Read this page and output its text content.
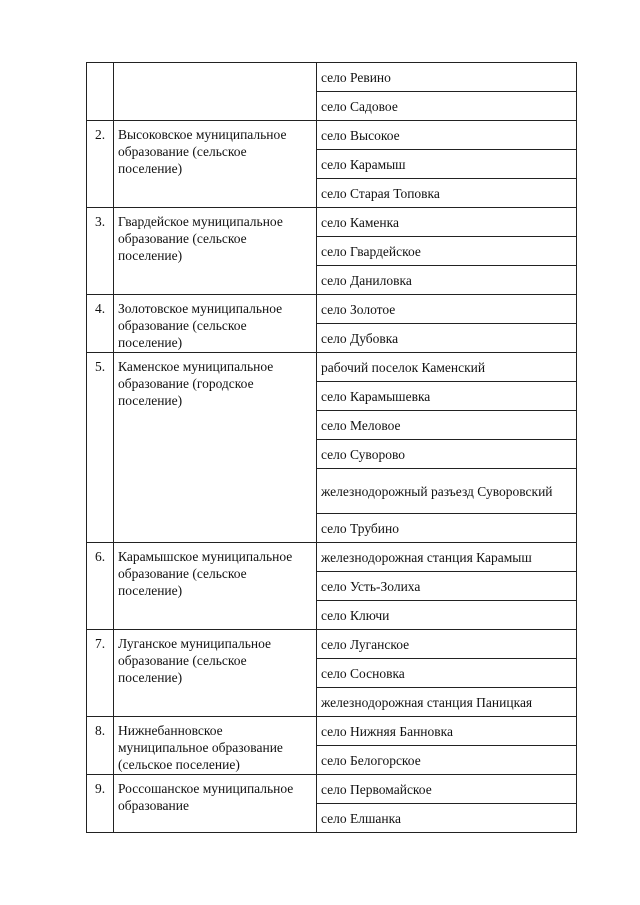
		село Ревино
		село Садовое
2.	Высоковское муниципальное образование (сельское поселение)	село Высокое
		село Карамыш
		село Старая Топовка
3.	Гвардейское муниципальное образование (сельское поселение)	село Каменка
		село Гвардейское
		село Даниловка
4.	Золотовское муниципальное образование (сельское поселение)	село Золотое
		село Дубовка
5.	Каменское муниципальное образование (городское поселение)	рабочий поселок Каменский
		село Карамышевка
		село Меловое
		село Суворово
		железнодорожный разъезд Суворовский
		село Трубино
6.	Карамышское муниципальное образование (сельское поселение)	железнодорожная станция Карамыш
		село Усть-Золиха
		село Ключи
7.	Луганское муниципальное образование (сельское поселение)	село Луганское
		село Сосновка
		железнодорожная станция Паницкая
8.	Нижнебанновское муниципальное образование (сельское поселение)	село Нижняя Банновка
		село Белогорское
9.	Россошанское муниципальное образование	село Первомайское
		село Елшанка
